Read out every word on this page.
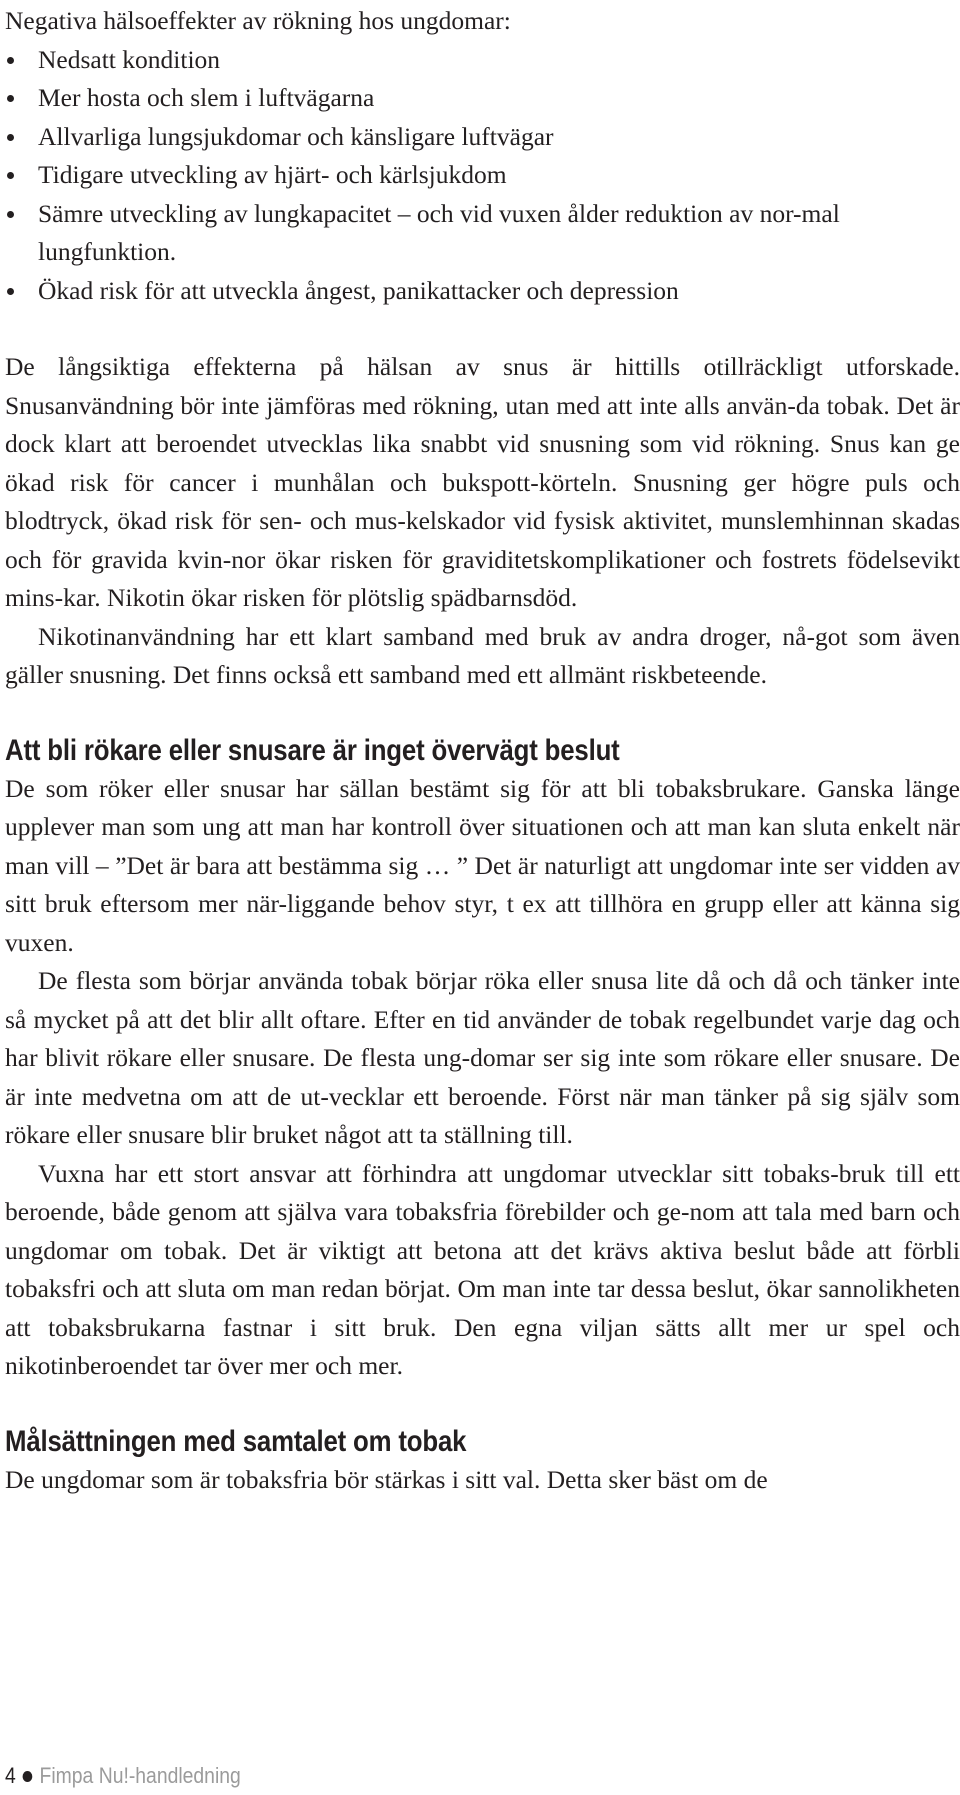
Negativa hälsoeffekter av rökning hos ungdomar:

Nedsatt kondition
Mer hosta och slem i luftvägarna
Allvarliga lungsjukdomar och känsligare luftvägar
Tidigare utveckling av hjärt- och kärlsjukdom
Sämre utveckling av lungkapacitet – och vid vuxen ålder reduktion av nor-mal lungfunktion.
Ökad risk för att utveckla ångest, panikattacker och depression

De långsiktiga effekterna på hälsan av snus är hittills otillräckligt utforskade. Snusanvändning bör inte jämföras med rökning, utan med att inte alls använ-da tobak. Det är dock klart att beroendet utvecklas lika snabbt vid snusning som vid rökning. Snus kan ge ökad risk för cancer i munhålan och bukspott-körteln. Snusning ger högre puls och blodtryck, ökad risk för sen- och mus-kelskador vid fysisk aktivitet, munslemhinnan skadas och för gravida kvin-nor ökar risken för graviditetskomplikationer och fostrets födelsevikt mins-kar. Nikotin ökar risken för plötslig spädbarnsdöd.

Nikotinanvändning har ett klart samband med bruk av andra droger, nå-got som även gäller snusning. Det finns också ett samband med ett allmänt riskbeteende.

Att bli rökare eller snusare är inget övervägt beslut

De som röker eller snusar har sällan bestämt sig för att bli tobaksbrukare. Ganska länge upplever man som ung att man har kontroll över situationen och att man kan sluta enkelt när man vill – ”Det är bara att bestämma sig … ” Det är naturligt att ungdomar inte ser vidden av sitt bruk eftersom mer när-liggande behov styr, t ex att tillhöra en grupp eller att känna sig vuxen.

De flesta som börjar använda tobak börjar röka eller snusa lite då och då och tänker inte så mycket på att det blir allt oftare. Efter en tid använder de tobak regelbundet varje dag och har blivit rökare eller snusare. De flesta ung-domar ser sig inte som rökare eller snusare. De är inte medvetna om att de ut-vecklar ett beroende. Först när man tänker på sig själv som rökare eller snusare blir bruket något att ta ställning till.

Vuxna har ett stort ansvar att förhindra att ungdomar utvecklar sitt tobaks-bruk till ett beroende, både genom att själva vara tobaksfria förebilder och ge-nom att tala med barn och ungdomar om tobak. Det är viktigt att betona att det krävs aktiva beslut både att förbli tobaksfri och att sluta om man redan börjat. Om man inte tar dessa beslut, ökar sannolikheten att tobaksbrukarna fastnar i sitt bruk. Den egna viljan sätts allt mer ur spel och nikotinberoendet tar över mer och mer.

Målsättningen med samtalet om tobak

De ungdomar som är tobaksfria bör stärkas i sitt val. Detta sker bäst om de

4 Fimpa Nu!-handledning
